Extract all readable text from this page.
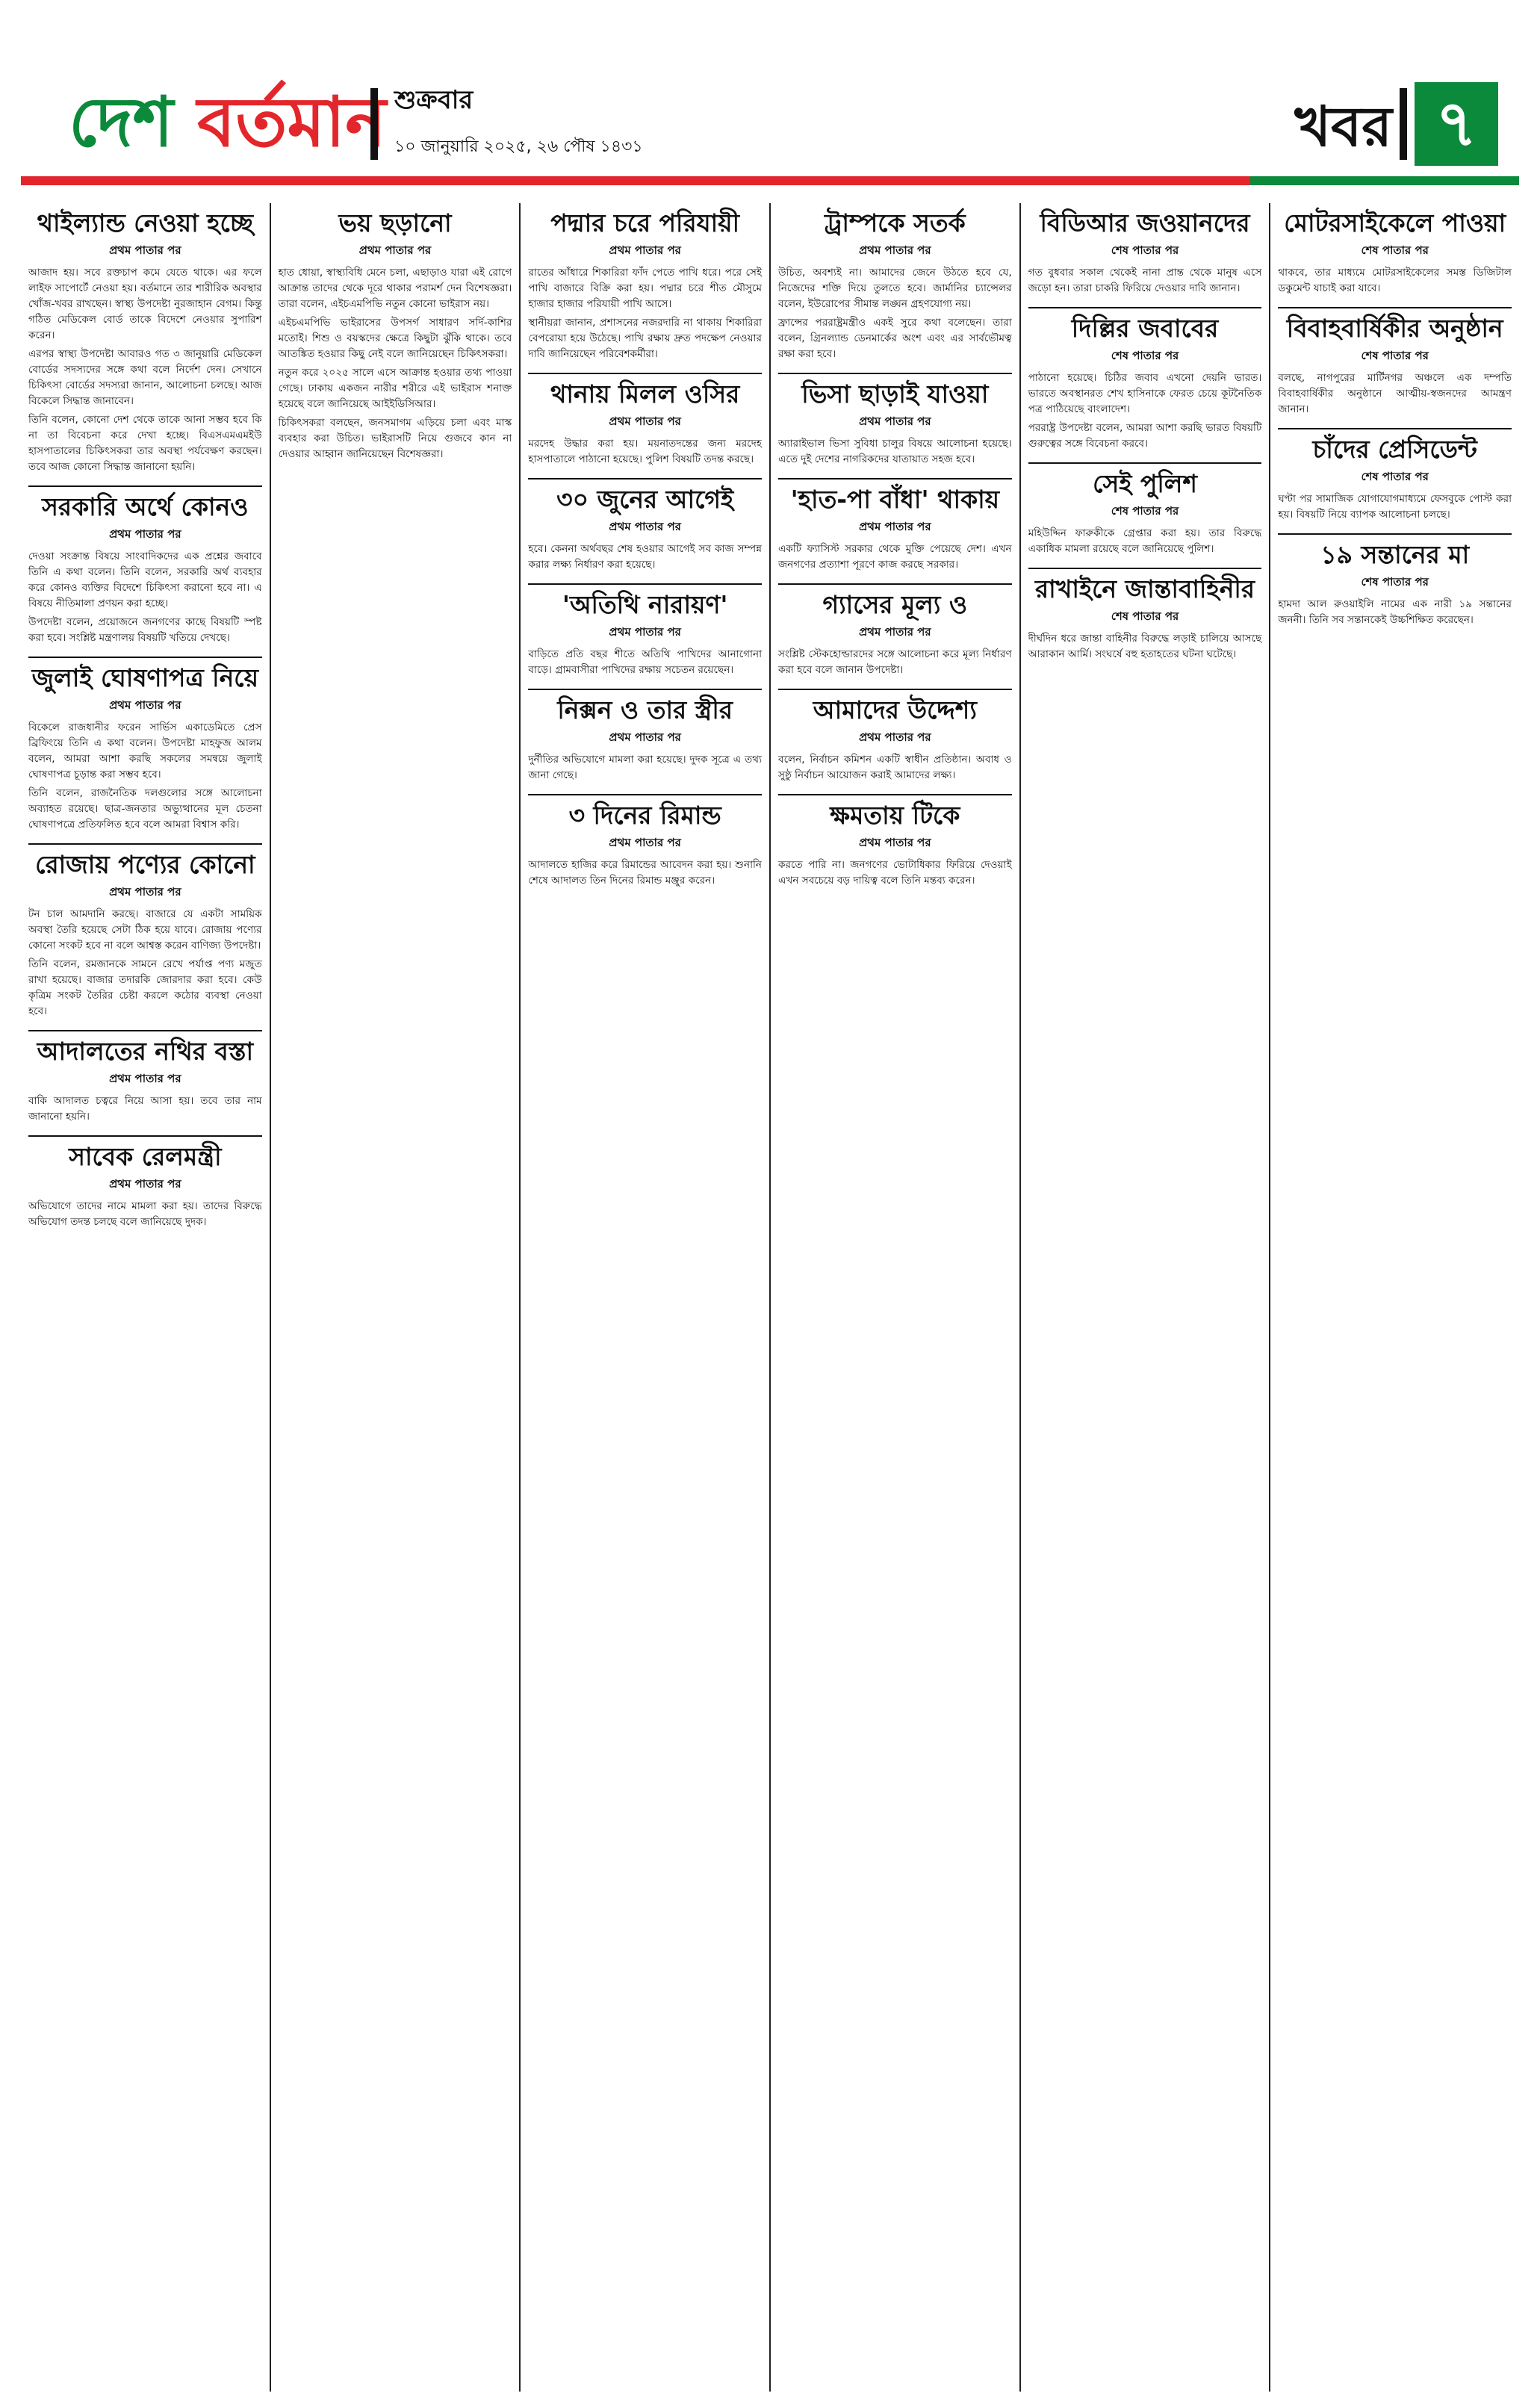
দেশ বর্তমান শুক্রবার
১০ জানুয়ারি ২০২৫, ২৬ পৌষ ১৪৩১	খবর ৭
থাইল্যান্ড নেওয়া হচ্ছে
প্রথম পাতার পর

আজাদ হয়। সবে রক্তচাপ কমে যেতে থাকে। এর ফলে লাইফ সাপোর্টে নেওয়া হয়। বর্তমানে তার শারীরিক অবস্থার খোঁজ-খবর রাখছেন। স্বাস্থ্য উপদেষ্টা নুরজাহান বেগম। কিন্তু গঠিত মেডিকেল বোর্ড তাকে বিদেশে নেওয়ার সুপারিশ করেন।

এরপর স্বাস্থ্য উপদেষ্টা আবারও গত ৩ জানুয়ারি মেডিকেল বোর্ডের সদস্যদের সঙ্গে কথা বলে নির্দেশ দেন। সেখানে চিকিৎসা বোর্ডের সদস্যরা জানান, আলোচনা চলছে। আজ বিকেলে সিদ্ধান্ত জানাবেন।

তিনি বলেন, কোনো দেশ থেকে তাকে আনা সম্ভব হবে কি না তা বিবেচনা করে দেখা হচ্ছে। বিএসএমএমইউ হাসপাতালের চিকিৎসকরা তার অবস্থা পর্যবেক্ষণ করছেন। তবে আজ কোনো সিদ্ধান্ত জানানো হয়নি।

সরকারি অর্থে কোনও
প্রথম পাতার পর

দেওয়া সংক্রান্ত বিষয়ে সাংবাদিকদের এক প্রশ্নের জবাবে তিনি এ কথা বলেন। তিনি বলেন, সরকারি অর্থ ব্যবহার করে কোনও ব্যক্তির বিদেশে চিকিৎসা করানো হবে না। এ বিষয়ে নীতিমালা প্রণয়ন করা হচ্ছে।

উপদেষ্টা বলেন, প্রয়োজনে জনগণের কাছে বিষয়টি স্পষ্ট করা হবে। সংশ্লিষ্ট মন্ত্রণালয় বিষয়টি খতিয়ে দেখছে।

জুলাই ঘোষণাপত্র নিয়ে
প্রথম পাতার পর

বিকেলে রাজধানীর ফরেন সার্ভিস একাডেমিতে প্রেস ব্রিফিংয়ে তিনি এ কথা বলেন। উপদেষ্টা মাহফুজ আলম বলেন, আমরা আশা করছি সকলের সমন্বয়ে জুলাই ঘোষণাপত্র চূড়ান্ত করা সম্ভব হবে।

তিনি বলেন, রাজনৈতিক দলগুলোর সঙ্গে আলোচনা অব্যাহত রয়েছে। ছাত্র-জনতার অভ্যুত্থানের মূল চেতনা ঘোষণাপত্রে প্রতিফলিত হবে বলে আমরা বিশ্বাস করি।

রোজায় পণ্যের কোনো
প্রথম পাতার পর

টন চাল আমদানি করছে। বাজারে যে একটা সাময়িক অবস্থা তৈরি হয়েছে সেটা ঠিক হয়ে যাবে। রোজায় পণ্যের কোনো সংকট হবে না বলে আশ্বস্ত করেন বাণিজ্য উপদেষ্টা।

তিনি বলেন, রমজানকে সামনে রেখে পর্যাপ্ত পণ্য মজুত রাখা হয়েছে। বাজার তদারকি জোরদার করা হবে। কেউ কৃত্রিম সংকট তৈরির চেষ্টা করলে কঠোর ব্যবস্থা নেওয়া হবে।

আদালতের নথির বস্তা
প্রথম পাতার পর

বাকি আদালত চত্বরে নিয়ে আসা হয়। তবে তার নাম জানানো হয়নি।

সাবেক রেলমন্ত্রী
প্রথম পাতার পর

অভিযোগে তাদের নামে মামলা করা হয়। তাদের বিরুদ্ধে অভিযোগ তদন্ত চলছে বলে জানিয়েছে দুদক।

ভয় ছড়ানো
প্রথম পাতার পর

হাত ধোয়া, স্বাস্থ্যবিধি মেনে চলা, এছাড়াও যারা এই রোগে আক্রান্ত তাদের থেকে দূরে থাকার পরামর্শ দেন বিশেষজ্ঞরা। তারা বলেন, এইচএমপিভি নতুন কোনো ভাইরাস নয়।

এইচএমপিভি ভাইরাসের উপসর্গ সাধারণ সর্দি-কাশির মতোই। শিশু ও বয়স্কদের ক্ষেত্রে কিছুটা ঝুঁকি থাকে। তবে আতঙ্কিত হওয়ার কিছু নেই বলে জানিয়েছেন চিকিৎসকরা।

নতুন করে ২০২৫ সালে এসে আক্রান্ত হওয়ার তথ্য পাওয়া গেছে। ঢাকায় একজন নারীর শরীরে এই ভাইরাস শনাক্ত হয়েছে বলে জানিয়েছে আইইডিসিআর।

চিকিৎসকরা বলছেন, জনসমাগম এড়িয়ে চলা এবং মাস্ক ব্যবহার করা উচিত। ভাইরাসটি নিয়ে গুজবে কান না দেওয়ার আহ্বান জানিয়েছেন বিশেষজ্ঞরা।

পদ্মার চরে পরিযায়ী
প্রথম পাতার পর

রাতের আঁধারে শিকারিরা ফাঁদ পেতে পাখি ধরে। পরে সেই পাখি বাজারে বিক্রি করা হয়। পদ্মার চরে শীত মৌসুমে হাজার হাজার পরিযায়ী পাখি আসে।

স্থানীয়রা জানান, প্রশাসনের নজরদারি না থাকায় শিকারিরা বেপরোয়া হয়ে উঠেছে। পাখি রক্ষায় দ্রুত পদক্ষেপ নেওয়ার দাবি জানিয়েছেন পরিবেশকর্মীরা।

থানায় মিলল ওসির
প্রথম পাতার পর

মরদেহ উদ্ধার করা হয়। ময়নাতদন্তের জন্য মরদেহ হাসপাতালে পাঠানো হয়েছে। পুলিশ বিষয়টি তদন্ত করছে।

৩০ জুনের আগেই
প্রথম পাতার পর

হবে। কেননা অর্থবছর শেষ হওয়ার আগেই সব কাজ সম্পন্ন করার লক্ষ্য নির্ধারণ করা হয়েছে।

'অতিথি নারায়ণ'
প্রথম পাতার পর

বাড়িতে প্রতি বছর শীতে অতিথি পাখিদের আনাগোনা বাড়ে। গ্রামবাসীরা পাখিদের রক্ষায় সচেতন রয়েছেন।

নিক্সন ও তার স্ত্রীর
প্রথম পাতার পর

দুর্নীতির অভিযোগে মামলা করা হয়েছে। দুদক সূত্রে এ তথ্য জানা গেছে।

৩ দিনের রিমান্ড
প্রথম পাতার পর

আদালতে হাজির করে রিমান্ডের আবেদন করা হয়। শুনানি শেষে আদালত তিন দিনের রিমান্ড মঞ্জুর করেন।

ট্রাম্পকে সতর্ক
প্রথম পাতার পর

উচিত, অবশ্যই না। আমাদের জেনে উঠতে হবে যে, নিজেদের শক্তি দিয়ে তুলতে হবে। জার্মানির চ্যান্সেলর বলেন, ইউরোপের সীমান্ত লঙ্ঘন গ্রহণযোগ্য নয়।

ফ্রান্সের পররাষ্ট্রমন্ত্রীও একই সুরে কথা বলেছেন। তারা বলেন, গ্রিনল্যান্ড ডেনমার্কের অংশ এবং এর সার্বভৌমত্ব রক্ষা করা হবে।

ভিসা ছাড়াই যাওয়া
প্রথম পাতার পর

অ্যারাইভাল ভিসা সুবিধা চালুর বিষয়ে আলোচনা হয়েছে। এতে দুই দেশের নাগরিকদের যাতায়াত সহজ হবে।

'হাত-পা বাঁধা' থাকায়
প্রথম পাতার পর

একটি ফ্যাসিস্ট সরকার থেকে মুক্তি পেয়েছে দেশ। এখন জনগণের প্রত্যাশা পূরণে কাজ করছে সরকার।

গ্যাসের মূল্য ও
প্রথম পাতার পর

সংশ্লিষ্ট স্টেকহোল্ডারদের সঙ্গে আলোচনা করে মূল্য নির্ধারণ করা হবে বলে জানান উপদেষ্টা।

আমাদের উদ্দেশ্য
প্রথম পাতার পর

বলেন, নির্বাচন কমিশন একটি স্বাধীন প্রতিষ্ঠান। অবাধ ও সুষ্ঠু নির্বাচন আয়োজন করাই আমাদের লক্ষ্য।

ক্ষমতায় টিকে
প্রথম পাতার পর

করতে পারি না। জনগণের ভোটাধিকার ফিরিয়ে দেওয়াই এখন সবচেয়ে বড় দায়িত্ব বলে তিনি মন্তব্য করেন।

বিডিআর জওয়ানদের
শেষ পাতার পর

গত বুধবার সকাল থেকেই নানা প্রান্ত থেকে মানুষ এসে জড়ো হন। তারা চাকরি ফিরিয়ে দেওয়ার দাবি জানান।

দিল্লির জবাবের
শেষ পাতার পর

পাঠানো হয়েছে। চিঠির জবাব এখনো দেয়নি ভারত। ভারতে অবস্থানরত শেখ হাসিনাকে ফেরত চেয়ে কূটনৈতিক পত্র পাঠিয়েছে বাংলাদেশ।

পররাষ্ট্র উপদেষ্টা বলেন, আমরা আশা করছি ভারত বিষয়টি গুরুত্বের সঙ্গে বিবেচনা করবে।

সেই পুলিশ
শেষ পাতার পর

মহিউদ্দিন ফারুকীকে গ্রেপ্তার করা হয়। তার বিরুদ্ধে একাধিক মামলা রয়েছে বলে জানিয়েছে পুলিশ।

রাখাইনে জান্তাবাহিনীর
শেষ পাতার পর

দীর্ঘদিন ধরে জান্তা বাহিনীর বিরুদ্ধে লড়াই চালিয়ে আসছে আরাকান আর্মি। সংঘর্ষে বহু হতাহতের ঘটনা ঘটেছে।

মোটরসাইকেলে পাওয়া
শেষ পাতার পর

থাকবে, তার মাধ্যমে মোটরসাইকেলের সমস্ত ডিজিটাল ডকুমেন্ট যাচাই করা যাবে।

বিবাহবার্ষিকীর অনুষ্ঠান
শেষ পাতার পর

বলছে, নাগপুরের মার্টিনগর অঞ্চলে এক দম্পতি বিবাহবার্ষিকীর অনুষ্ঠানে আত্মীয়-স্বজনদের আমন্ত্রণ জানান।

চাঁদের প্রেসিডেন্ট
শেষ পাতার পর

ঘণ্টা পর সামাজিক যোগাযোগমাধ্যমে ফেসবুকে পোস্ট করা হয়। বিষয়টি নিয়ে ব্যাপক আলোচনা চলছে।

১৯ সন্তানের মা
শেষ পাতার পর

হামদা আল রুওয়াইলি নামের এক নারী ১৯ সন্তানের জননী। তিনি সব সন্তানকেই উচ্চশিক্ষিত করেছেন।
